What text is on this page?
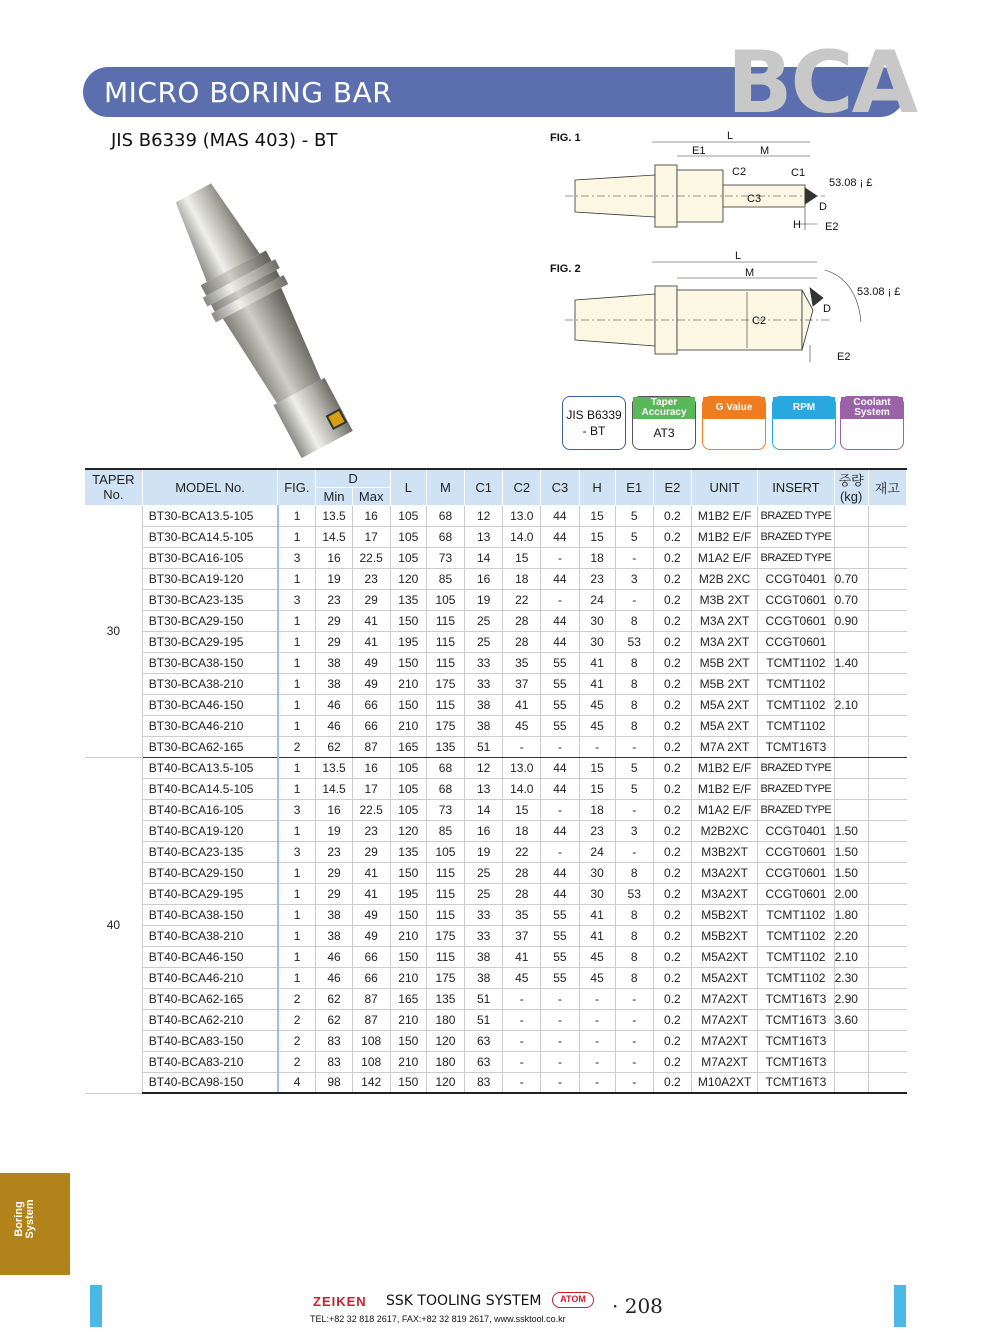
MICRO BORING BAR	BCA
JIS B6339 (MAS 403) - BT	FIG. 1	L
E1	M
C2	C1
C3
D
H E2
53.08 ¡ £
FIG. 2
L
M
C2
D
E2
53.08 ¡ £
JIS B6339
- BT
Taper Accuracy
AT3
G Value	RPM	Coolant System
TAPER No.	MODEL No.	FIG.	D		L	M	C1	C2	C3	H	E1	E2	UNIT	INSERT	중량 (kg)	재고
			Min	Max												
30	BT30-BCA13.5-105	1	13.5	16	105	68	12	13.0	44	15	5	0.2	M1B2 E/F	BRAZED TYPE		
	BT30-BCA14.5-105	1	14.5	17	105	68	13	14.0	44	15	5	0.2	M1B2 E/F	BRAZED TYPE		
	BT30-BCA16-105	3	16	22.5	105	73	14	15	-	18	-	0.2	M1A2 E/F	BRAZED TYPE		
	BT30-BCA19-120	1	19	23	120	85	16	18	44	23	3	0.2	M2B 2XC	CCGT0401	0.70	
	BT30-BCA23-135	3	23	29	135	105	19	22	-	24	-	0.2	M3B 2XT	CCGT0601	0.70	
	BT30-BCA29-150	1	29	41	150	115	25	28	44	30	8	0.2	M3A 2XT	CCGT0601	0.90	
	BT30-BCA29-195	1	29	41	195	115	25	28	44	30	53	0.2	M3A 2XT	CCGT0601		
	BT30-BCA38-150	1	38	49	150	115	33	35	55	41	8	0.2	M5B 2XT	TCMT1102	1.40	
	BT30-BCA38-210	1	38	49	210	175	33	37	55	41	8	0.2	M5B 2XT	TCMT1102		
	BT30-BCA46-150	1	46	66	150	115	38	41	55	45	8	0.2	M5A 2XT	TCMT1102	2.10	
	BT30-BCA46-210	1	46	66	210	175	38	45	55	45	8	0.2	M5A 2XT	TCMT1102		
	BT30-BCA62-165	2	62	87	165	135	51	-	-	-	-	0.2	M7A 2XT	TCMT16T3		
40	BT40-BCA13.5-105	1	13.5	16	105	68	12	13.0	44	15	5	0.2	M1B2 E/F	BRAZED TYPE		
	BT40-BCA14.5-105	1	14.5	17	105	68	13	14.0	44	15	5	0.2	M1B2 E/F	BRAZED TYPE		
	BT40-BCA16-105	3	16	22.5	105	73	14	15	-	18	-	0.2	M1A2 E/F	BRAZED TYPE		
	BT40-BCA19-120	1	19	23	120	85	16	18	44	23	3	0.2	M2B2XC	CCGT0401	1.50	
	BT40-BCA23-135	3	23	29	135	105	19	22	-	24	-	0.2	M3B2XT	CCGT0601	1.50	
	BT40-BCA29-150	1	29	41	150	115	25	28	44	30	8	0.2	M3A2XT	CCGT0601	1.50	
	BT40-BCA29-195	1	29	41	195	115	25	28	44	30	53	0.2	M3A2XT	CCGT0601	2.00	
	BT40-BCA38-150	1	38	49	150	115	33	35	55	41	8	0.2	M5B2XT	TCMT1102	1.80	
	BT40-BCA38-210	1	38	49	210	175	33	37	55	41	8	0.2	M5B2XT	TCMT1102	2.20	
	BT40-BCA46-150	1	46	66	150	115	38	41	55	45	8	0.2	M5A2XT	TCMT1102	2.10	
	BT40-BCA46-210	1	46	66	210	175	38	45	55	45	8	0.2	M5A2XT	TCMT1102	2.30	
	BT40-BCA62-165	2	62	87	165	135	51	-	-	-	-	0.2	M7A2XT	TCMT16T3	2.90	
	BT40-BCA62-210	2	62	87	210	180	51	-	-	-	-	0.2	M7A2XT	TCMT16T3	3.60	
	BT40-BCA83-150	2	83	108	150	120	63	-	-	-	-	0.2	M7A2XT	TCMT16T3		
	BT40-BCA83-210	2	83	108	210	180	63	-	-	-	-	0.2	M7A2XT	TCMT16T3		
	BT40-BCA98-150	4	98	142	150	120	83	-	-	-	-	0.2	M10A2XT	TCMT16T3		
Boring System
ZEIKEN SSK TOOLING SYSTEM	ATOM	· 208
TEL:+82 32 818 2617, FAX:+82 32 819 2617, www.ssktool.co.kr
